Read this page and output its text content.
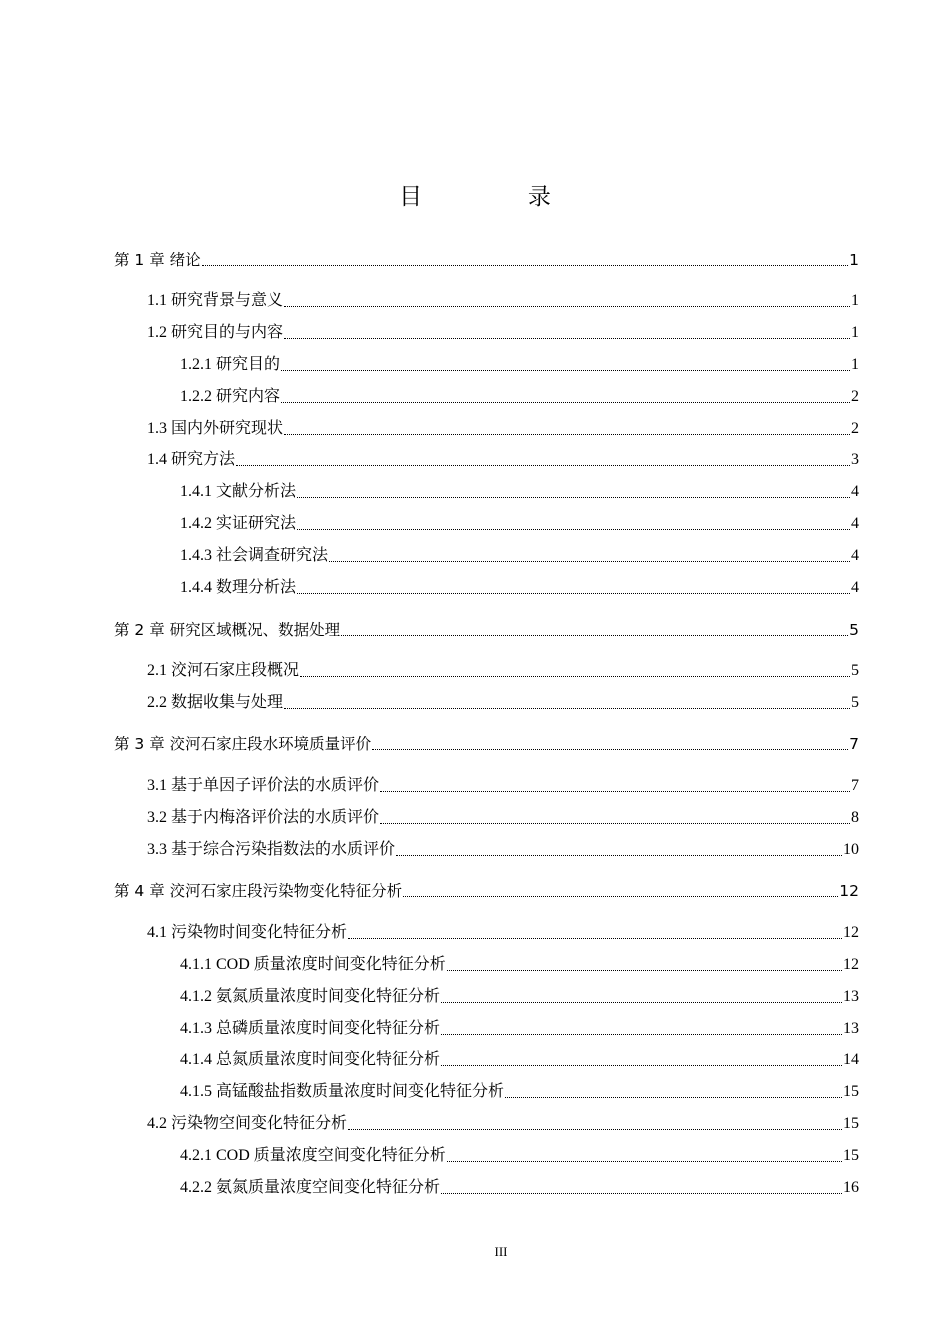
目 录
第 1 章 绪论	1
1.1 研究背景与意义	1
1.2 研究目的与内容	1
1.2.1 研究目的	1
1.2.2 研究内容	2
1.3 国内外研究现状	2
1.4 研究方法	3
1.4.1 文献分析法	4
1.4.2 实证研究法	4
1.4.3 社会调查研究法	4
1.4.4 数理分析法	4
第 2 章 研究区域概况、数据处理	5
2.1 洨河石家庄段概况	5
2.2 数据收集与处理	5
第 3 章 洨河石家庄段水环境质量评价	7
3.1 基于单因子评价法的水质评价	7
3.2 基于内梅洛评价法的水质评价	8
3.3 基于综合污染指数法的水质评价	10
第 4 章 洨河石家庄段污染物变化特征分析	12
4.1 污染物时间变化特征分析	12
4.1.1 COD 质量浓度时间变化特征分析	12
4.1.2 氨氮质量浓度时间变化特征分析	13
4.1.3 总磷质量浓度时间变化特征分析	13
4.1.4 总氮质量浓度时间变化特征分析	14
4.1.5 高锰酸盐指数质量浓度时间变化特征分析	15
4.2 污染物空间变化特征分析	15
4.2.1 COD 质量浓度空间变化特征分析	15
4.2.2 氨氮质量浓度空间变化特征分析	16
III
